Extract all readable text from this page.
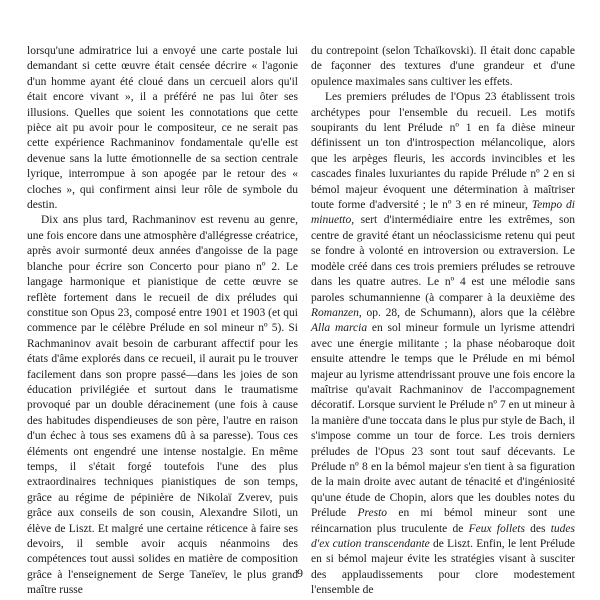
lorsqu'une admiratrice lui a envoyé une carte postale lui demandant si cette œuvre était censée décrire « l'agonie d'un homme ayant été cloué dans un cercueil alors qu'il était encore vivant », il a préféré ne pas lui ôter ses illusions. Quelles que soient les connotations que cette pièce ait pu avoir pour le compositeur, ce ne serait pas cette expérience Rachmaninov fondamentale qu'elle est devenue sans la lutte émotionnelle de sa section centrale lyrique, interrompue à son apogée par le retour des « cloches », qui confirment ainsi leur rôle de symbole du destin.

Dix ans plus tard, Rachmaninov est revenu au genre, une fois encore dans une atmosphère d'allégresse créatrice, après avoir surmonté deux années d'angoisse de la page blanche pour écrire son Concerto pour piano nº 2. Le langage harmonique et pianistique de cette œuvre se reflète fortement dans le recueil de dix préludes qui constitue son Opus 23, composé entre 1901 et 1903 (et qui commence par le célèbre Prélude en sol mineur nº 5). Si Rachmaninov avait besoin de carburant affectif pour les états d'âme explorés dans ce recueil, il aurait pu le trouver facilement dans son propre passé—dans les joies de son éducation privilégiée et surtout dans le traumatisme provoqué par un double déracinement (une fois à cause des habitudes dispendieuses de son père, l'autre en raison d'un échec à tous ses examens dû à sa paresse). Tous ces éléments ont engendré une intense nostalgie. En même temps, il s'était forgé toutefois l'une des plus extraordinaires techniques pianistiques de son temps, grâce au régime de pépinière de Nikolaï Zverev, puis grâce aux conseils de son cousin, Alexandre Siloti, un élève de Liszt. Et malgré une certaine réticence à faire ses devoirs, il semble avoir acquis néanmoins des compétences tout aussi solides en matière de composition grâce à l'enseignement de Serge Taneïev, le plus grand maître russe

du contrepoint (selon Tchaïkovski). Il était donc capable de façonner des textures d'une grandeur et d'une opulence maximales sans cultiver les effets.

Les premiers préludes de l'Opus 23 établissent trois archétypes pour l'ensemble du recueil. Les motifs soupirants du lent Prélude nº 1 en fa dièse mineur définissent un ton d'introspection mélancolique, alors que les arpèges fleuris, les accords invincibles et les cascades finales luxuriantes du rapide Prélude nº 2 en si bémol majeur évoquent une détermination à maîtriser toute forme d'adversité ; le nº 3 en ré mineur, Tempo di minuetto, sert d'intermédiaire entre les extrêmes, son centre de gravité étant un néoclassicisme retenu qui peut se fondre à volonté en introversion ou extraversion. Le modèle créé dans ces trois premiers préludes se retrouve dans les quatre autres. Le nº 4 est une mélodie sans paroles schumannienne (à comparer à la deuxième des Romanzen, op. 28, de Schumann), alors que la célèbre Alla marcia en sol mineur formule un lyrisme attendri avec une énergie militante ; la phase néobaroque doit ensuite attendre le temps que le Prélude en mi bémol majeur au lyrisme attendrissant prouve une fois encore la maîtrise qu'avait Rachmaninov de l'accompagnement décoratif. Lorsque survient le Prélude nº 7 en ut mineur à la manière d'une toccata dans le plus pur style de Bach, il s'impose comme un tour de force. Les trois derniers préludes de l'Opus 23 sont tout sauf décevants. Le Prélude nº 8 en la bémol majeur s'en tient à sa figuration de la main droite avec autant de ténacité et d'ingéniosité qu'une étude de Chopin, alors que les doubles notes du Prélude Presto en mi bémol mineur sont une réincarnation plus truculente de Feux follets des tudes d'ex cution transcendante de Liszt. Enfin, le lent Prélude en si bémol majeur évite les stratégies visant à susciter des applaudissements pour clore modestement l'ensemble de

9
